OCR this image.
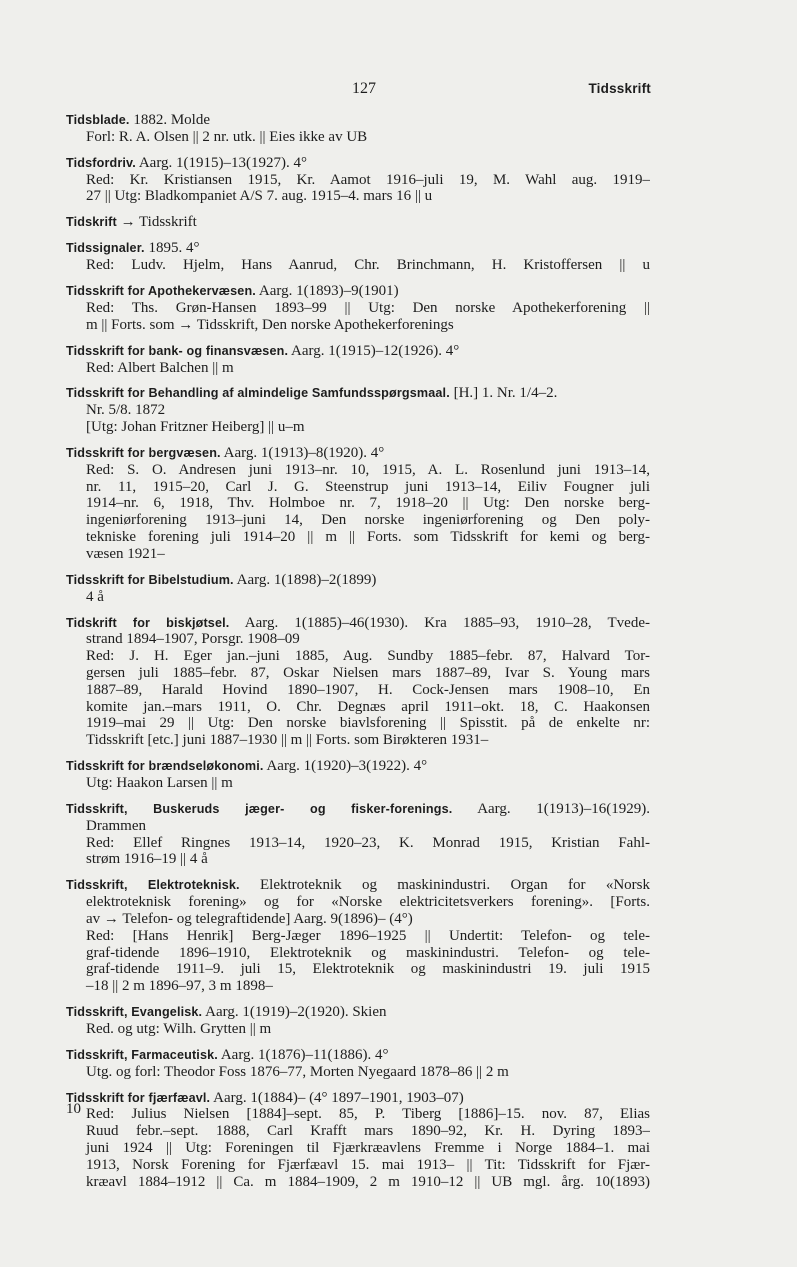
127	Tidsskrift
Tidsblade. 1882. Molde
Forl: R. A. Olsen || 2 nr. utk. || Eies ikke av UB
Tidsfordriv. Aarg. 1(1915)–13(1927). 4°
Red: Kr. Kristiansen 1915, Kr. Aamot 1916–juli 19, M. Wahl aug. 1919–
27 || Utg: Bladkompaniet A/S 7. aug. 1915–4. mars 16 || u
Tidskrift → Tidsskrift
Tidssignaler. 1895. 4°
Red: Ludv. Hjelm, Hans Aanrud, Chr. Brinchmann, H. Kristoffersen || u
Tidsskrift for Apothekervæsen. Aarg. 1(1893)–9(1901)
Red: Ths. Grøn-Hansen 1893–99 || Utg: Den norske Apothekerforening ||
m || Forts. som → Tidsskrift, Den norske Apothekerforenings
Tidsskrift for bank- og finansvæsen. Aarg. 1(1915)–12(1926). 4°
Red: Albert Balchen || m
Tidsskrift for Behandling af almindelige Samfundsspørgsmaal. [H.] 1. Nr. 1/4–2.
Nr. 5/8. 1872
[Utg: Johan Fritzner Heiberg] || u–m
Tidsskrift for bergvæsen. Aarg. 1(1913)–8(1920). 4°
Red: S. O. Andresen juni 1913–nr. 10, 1915, A. L. Rosenlund juni 1913–14,
nr. 11, 1915–20, Carl J. G. Steenstrup juni 1913–14, Eiliv Fougner juli
1914–nr. 6, 1918, Thv. Holmboe nr. 7, 1918–20 || Utg: Den norske berg-
ingeniørforening 1913–juni 14, Den norske ingeniørforening og Den poly-
tekniske forening juli 1914–20 || m || Forts. som Tidsskrift for kemi og berg-
væsen 1921–
Tidsskrift for Bibelstudium. Aarg. 1(1898)–2(1899)
4 å
Tidskrift for biskjøtsel. Aarg. 1(1885)–46(1930). Kra 1885–93, 1910–28, Tvede-
strand 1894–1907, Porsgr. 1908–09
Red: J. H. Eger jan.–juni 1885, Aug. Sundby 1885–febr. 87, Halvard Tor-
gersen juli 1885–febr. 87, Oskar Nielsen mars 1887–89, Ivar S. Young mars
1887–89, Harald Hovind 1890–1907, H. Cock-Jensen mars 1908–10, En
komite jan.–mars 1911, O. Chr. Degnæs april 1911–okt. 18, C. Haakonsen
1919–mai 29 || Utg: Den norske biavlsforening || Spisstit. på de enkelte nr:
Tidsskrift [etc.] juni 1887–1930 || m || Forts. som Birøkteren 1931–
Tidsskrift for brændseløkonomi. Aarg. 1(1920)–3(1922). 4°
Utg: Haakon Larsen || m
Tidsskrift, Buskeruds jæger- og fisker-forenings. Aarg. 1(1913)–16(1929).
Drammen
Red: Ellef Ringnes 1913–14, 1920–23, K. Monrad 1915, Kristian Fahl-
strøm 1916–19 || 4 å
Tidsskrift, Elektroteknisk. Elektroteknik og maskinindustri. Organ for «Norsk
elektroteknisk forening» og for «Norske elektricitetsverkers forening». [Forts.
av → Telefon- og telegraftidende] Aarg. 9(1896)– (4°)
Red: [Hans Henrik] Berg-Jæger 1896–1925 || Undertit: Telefon- og tele-
graf-tidende 1896–1910, Elektroteknik og maskinindustri. Telefon- og tele-
graf-tidende 1911–9. juli 15, Elektroteknik og maskinindustri 19. juli 1915
–18 || 2 m 1896–97, 3 m 1898–
Tidsskrift, Evangelisk. Aarg. 1(1919)–2(1920). Skien
Red. og utg: Wilh. Grytten || m
Tidsskrift, Farmaceutisk. Aarg. 1(1876)–11(1886). 4°
Utg. og forl: Theodor Foss 1876–77, Morten Nyegaard 1878–86 || 2 m
Tidsskrift for fjærfæavl. Aarg. 1(1884)– (4° 1897–1901, 1903–07)
Red: Julius Nielsen [1884]–sept. 85, P. Tiberg [1886]–15. nov. 87, Elias
Ruud febr.–sept. 1888, Carl Krafft mars 1890–92, Kr. H. Dyring 1893–
juni 1924 || Utg: Foreningen til Fjærkræavlens Fremme i Norge 1884–1. mai
1913, Norsk Forening for Fjærfæavl 15. mai 1913– || Tit: Tidsskrift for Fjær-
kræavl 1884–1912 || Ca. m 1884–1909, 2 m 1910–12 || UB mgl. årg. 10(1893)
10
